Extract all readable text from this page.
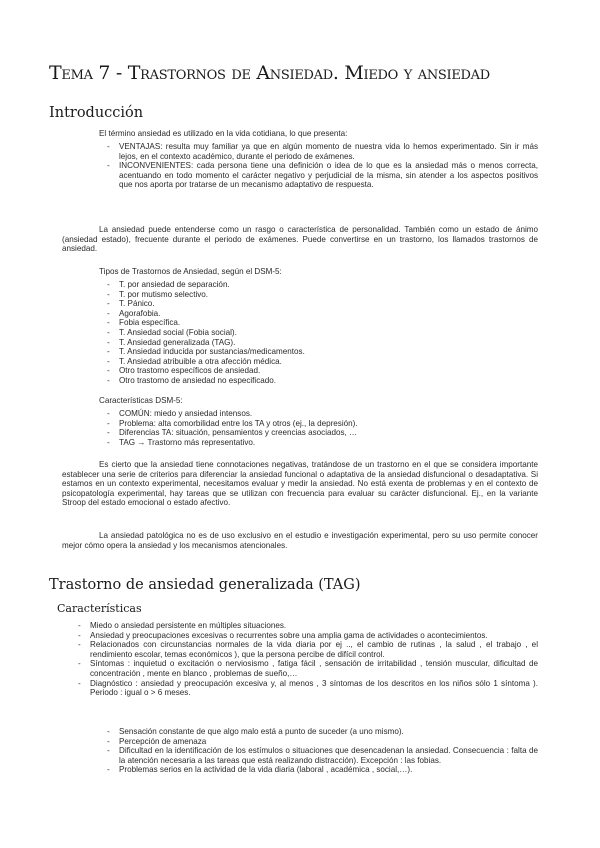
Tema 7 - Trastornos de Ansiedad. Miedo y ansiedad
Introducción
El término ansiedad es utilizado en la vida cotidiana, lo que presenta:
- VENTAJAS: resulta muy familiar ya que en algún momento de nuestra vida lo hemos experimentado. Sin ir más lejos, en el contexto académico, durante el periodo de exámenes.
- INCONVENIENTES: cada persona tiene una definición o idea de lo que es la ansiedad más o menos correcta, acentuando en todo momento el carácter negativo y perjudicial de la misma, sin atender a los aspectos positivos que nos aporta por tratarse de un mecanismo adaptativo de respuesta.
La ansiedad puede entenderse como un rasgo o característica de personalidad. También como un estado de ánimo (ansiedad estado), frecuente durante el periodo de exámenes. Puede convertirse en un trastorno, los llamados trastornos de ansiedad.
Tipos de Trastornos de Ansiedad, según el DSM-5:
- T. por ansiedad de separación.
- T. por mutismo selectivo.
- T. Pánico.
- Agorafobia.
- Fobia específica.
- T. Ansiedad social (Fobia social).
- T. Ansiedad generalizada (TAG).
- T. Ansiedad inducida por sustancias/medicamentos.
- T. Ansiedad atribuible a otra afección médica.
- Otro trastorno específicos de ansiedad.
- Otro trastorno de ansiedad no especificado.
Características DSM-5:
- COMÚN: miedo y ansiedad intensos.
- Problema: alta comorbilidad entre los TA y otros (ej., la depresión).
- Diferencias TA: situación, pensamientos y creencias asociados, …
- TAG → Trastorno más representativo.
Es cierto que la ansiedad tiene connotaciones negativas, tratándose de un trastorno en el que se considera importante establecer una serie de criterios para diferenciar la ansiedad funcional o adaptativa de la ansiedad disfuncional o desadaptativa. Si estamos en un contexto experimental, necesitamos evaluar y medir la ansiedad. No está exenta de problemas y en el contexto de psicopatología experimental, hay tareas que se utilizan con frecuencia para evaluar su carácter disfuncional. Ej., en la variante Stroop del estado emocional o estado afectivo.
La ansiedad patológica no es de uso exclusivo en el estudio e investigación experimental, pero su uso permite conocer mejor cómo opera la ansiedad y los mecanismos atencionales.
Trastorno de ansiedad generalizada (TAG)
Características
- Miedo o ansiedad persistente en múltiples situaciones.
- Ansiedad y preocupaciones excesivas o recurrentes sobre una amplia gama de actividades o acontecimientos.
- Relacionados con circunstancias normales de la vida diaria por ej .., el cambio de rutinas , la salud , el trabajo , el rendimiento escolar, temas económicos ), que la persona percibe de difícil control.
- Síntomas : inquietud o excitación o nerviosismo , fatiga fácil , sensación de irritabilidad , tensión muscular, dificultad de concentración , mente en blanco , problemas de sueño,…
- Diagnóstico : ansiedad y preocupación excesiva y, al menos , 3 síntomas de los descritos en los niños sólo 1 síntoma ). Periodo : igual o > 6 meses.
- Sensación constante de que algo malo está a punto de suceder (a uno mismo).
- Percepción de amenaza
- Dificultad en la identificación de los estímulos o situaciones que desencadenan la ansiedad. Consecuencia : falta de la atención necesaria a las tareas que está realizando distracción). Excepción : las fobias.
- Problemas serios en la actividad de la vida diaria (laboral , académica , social,…).
